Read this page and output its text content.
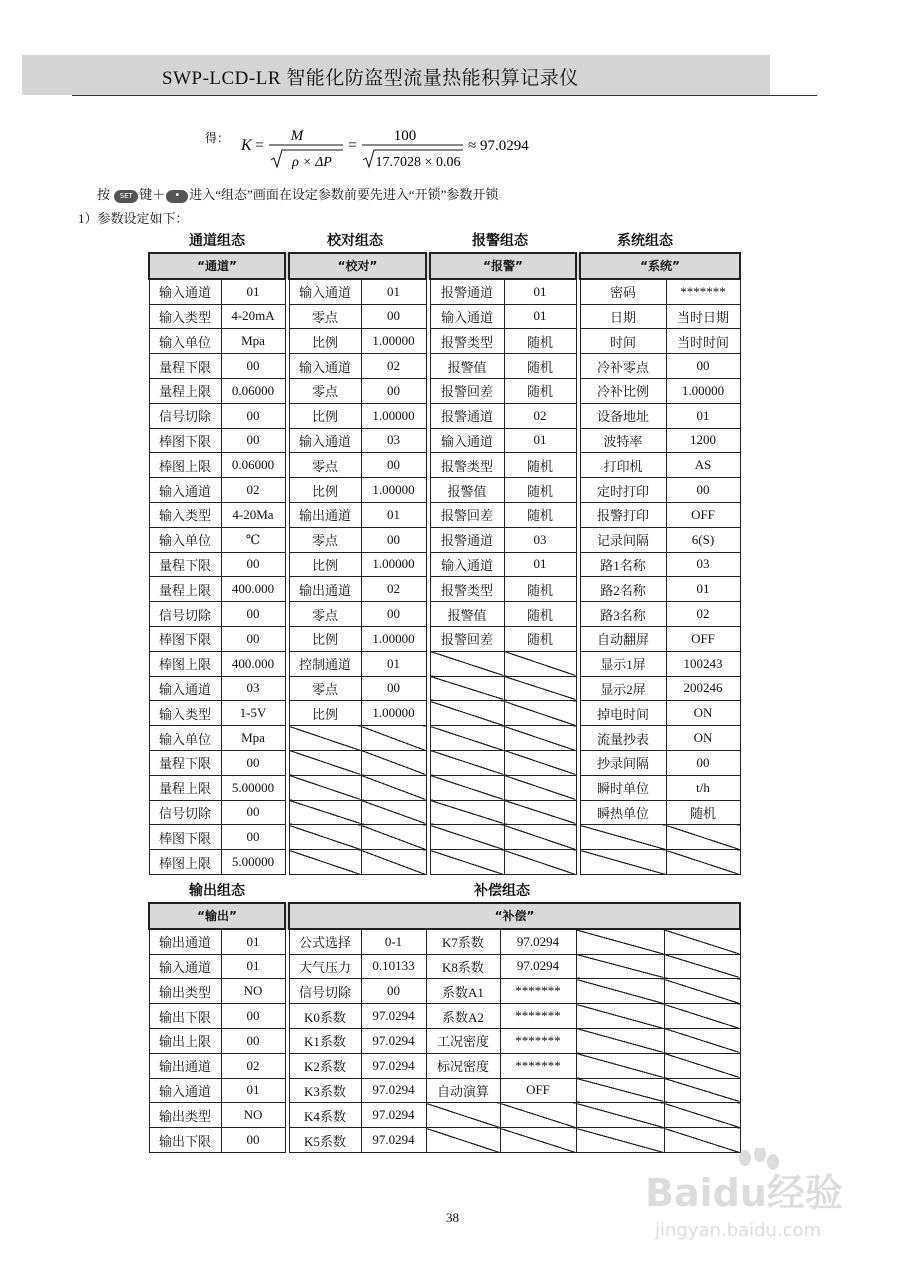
SWP-LCD-LR 智能化防盗型流量热能积算记录仪
得： K =
M
ρ × ΔP
=
100
17.7028 × 0.06
≈ 97.0294
按 SET 键＋ • 进入“组态”画面在设定参数前要先进入“开锁”参数开锁
1）参数设定如下：
通道组态	校对组态	报警组态	系统组态
“通道”			“校对”			“报警”			“系统”	
输入通道	01		输入通道	01		报警通道	01		密码	*******
输入类型	4-20mA		零点	00		输入通道	01		日期	当时日期
输入单位	Mpa		比例	1.00000		报警类型	随机		时间	当时时间
量程下限	00		输入通道	02		报警值	随机		冷补零点	00
量程上限	0.06000		零点	00		报警回差	随机		冷补比例	1.00000
信号切除	00		比例	1.00000		报警通道	02		设备地址	01
棒图下限	00		输入通道	03		输入通道	01		波特率	1200
棒图上限	0.06000		零点	00		报警类型	随机		打印机	AS
输入通道	02		比例	1.00000		报警值	随机		定时打印	00
输入类型	4-20Ma		输出通道	01		报警回差	随机		报警打印	OFF
输入单位	℃		零点	00		报警通道	03		记录间隔	6(S)
量程下限	00		比例	1.00000		输入通道	01		路1名称	03
量程上限	400.000		输出通道	02		报警类型	随机		路2名称	01
信号切除	00		零点	00		报警值	随机		路3名称	02
棒图下限	00		比例	1.00000		报警回差	随机		自动翻屏	OFF
棒图上限	400.000		控制通道	01					显示1屏	100243
输入通道	03		零点	00					显示2屏	200246
输入类型	1-5V		比例	1.00000					掉电时间	ON
输入单位	Mpa								流量抄表	ON
量程下限	00								抄录间隔	00
量程上限	5.00000								瞬时单位	t/h
信号切除	00								瞬热单位	随机
棒图下限	00									
棒图上限	5.00000									
输出组态	补偿组态
“输出”			“补偿”					
输出通道	01		公式选择	0-1	K7系数	97.0294		
输入通道	01		大气压力	0.10133	K8系数	97.0294		
输出类型	NO		信号切除	00	系数A1	*******		
输出下限	00		K0系数	97.0294	系数A2	*******		
输出上限	00		K1系数	97.0294	工况密度	*******		
输出通道	02		K2系数	97.0294	标况密度	*******		
输入通道	01		K3系数	97.0294	自动演算	OFF		
输出类型	NO		K4系数	97.0294				
输出下限	00		K5系数	97.0294				
38
Baidu经验
jingyan.baidu.com
